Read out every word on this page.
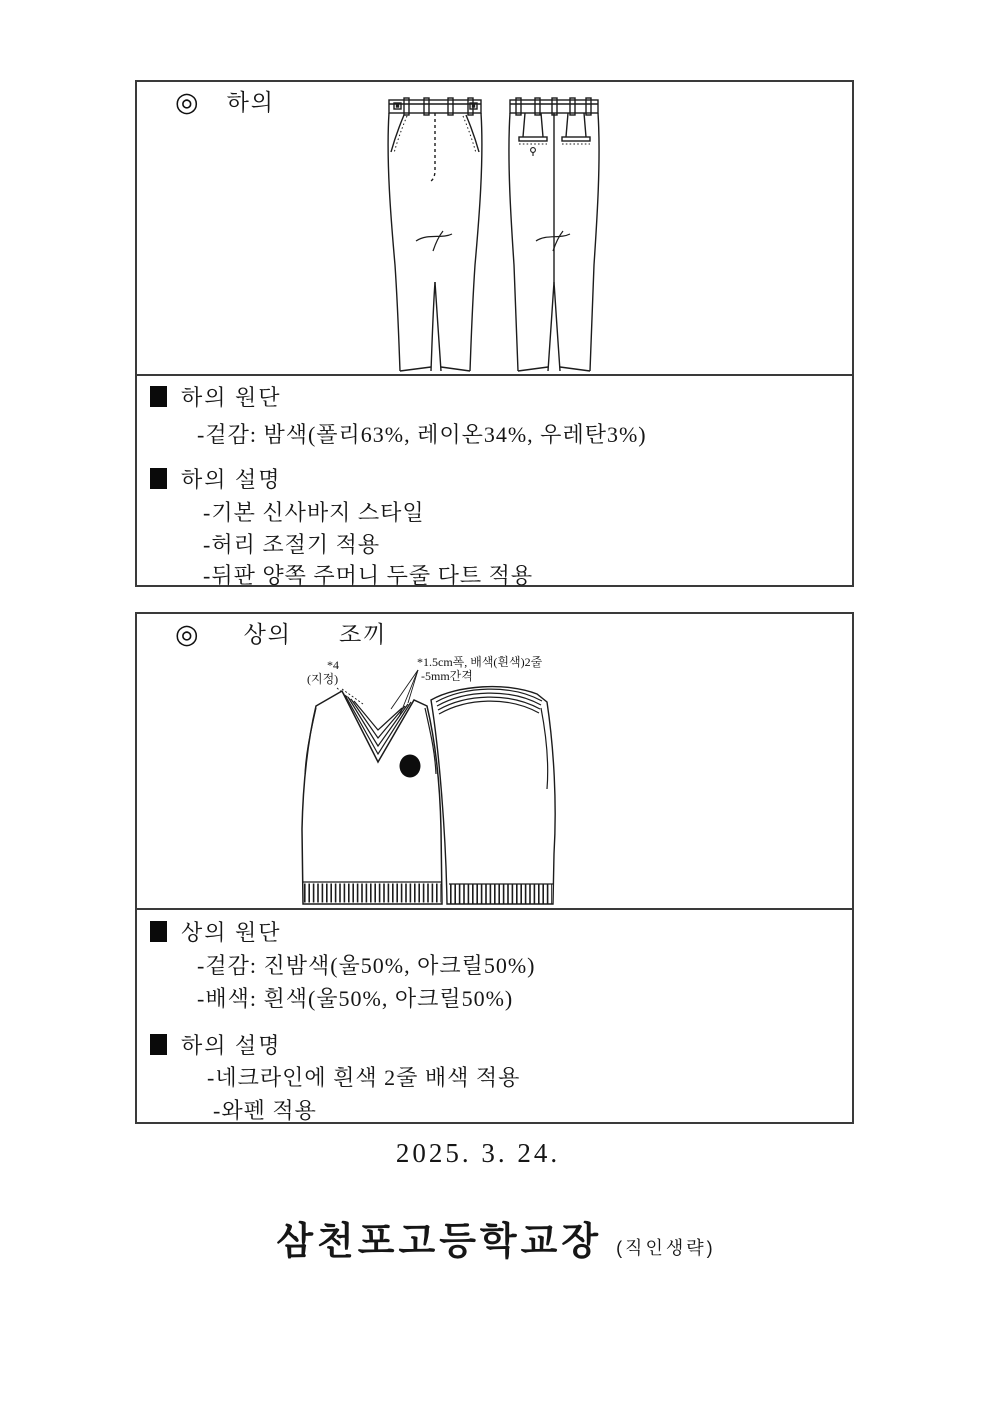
◎ 하의
하의 원단
-겉감: 밤색(폴리63%, 레이온34%, 우레탄3%)
하의 설명
-기본 신사바지 스타일
-허리 조절기 적용
-뒤판 양쪽 주머니 두줄 다트 적용
◎ 상의 조끼
*4
(지정)
*1.5cm폭, 배색(흰색)2줄
-5mm간격
상의 원단
-겉감: 진밤색(울50%, 아크릴50%)
-배색: 흰색(울50%, 아크릴50%)
하의 설명
-네크라인에 흰색 2줄 배색 적용
-와펜 적용
2025. 3. 24.
삼천포고등학교장 (직인생략)
